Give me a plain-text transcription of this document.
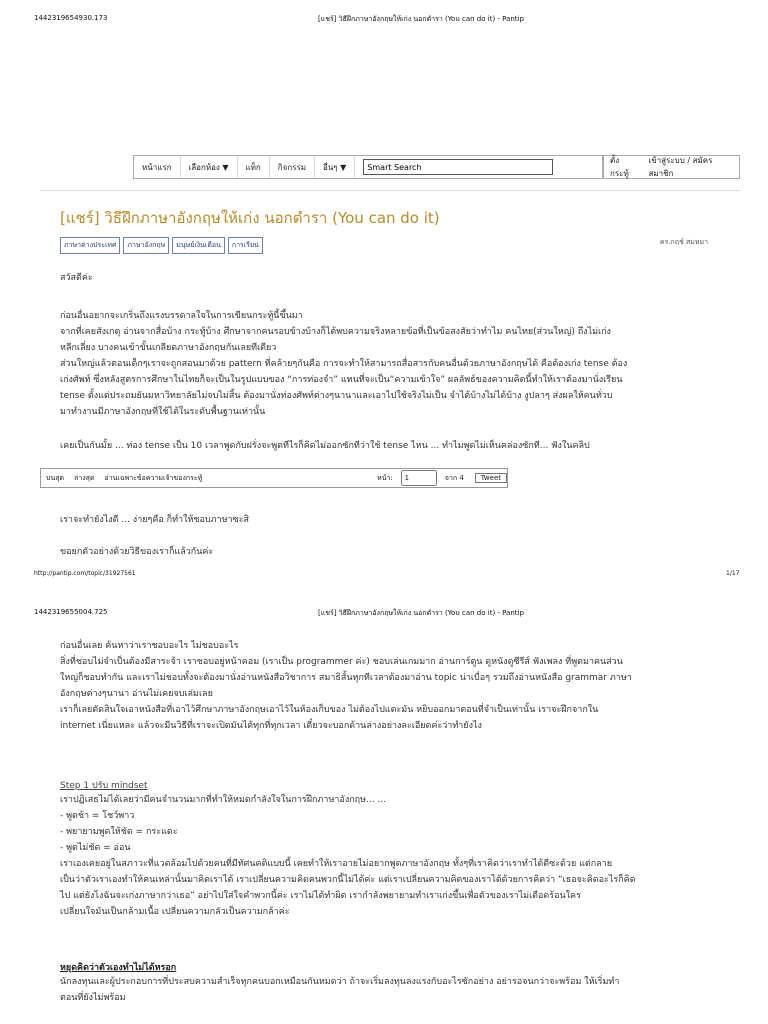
1442319654930.173	[แชร์] วิธีฝึกภาษาอังกฤษให้เก่ง นอกตำรา (You can do it) - Pantip
หน้าแรก	เลือกห้อง ▼	แท็ก	กิจกรรม	อื่นๆ ▼
Smart Search
ตั้งกระทู้
เข้าสู่ระบบ / สมัครสมาชิก
[แชร์] วิธีฝึกภาษาอังกฤษให้เก่ง นอกตำรา (You can do it)
ภาษาต่างประเทศ	ภาษาอังกฤษ	มนุษย์เงินเดือน	การเรียน	คร.กฤช์ สมหมา
สวัสดีค่ะ
ก่อนอื่นอยากจะเกริ่นถึงแรงบรรดาลใจในการเขียนกระทู้นี้ขึ้นมา
จากที่เคยสังเกตุ อ่านจากสื่อบ้าง กระทู้บ้าง ศึกษาจากคนรอบข้างบ้างก็ได้พบความจริงหลายข้อที่เป็นข้อสงสัยว่าทำไม คนไทย(ส่วนใหญ่) ถึงไม่เก่ง
หลีกเลี่ยง บางคนเข้าขั้นเกลียดภาษาอังกฤษกันเลยทีเดียว
ส่วนใหญ่แล้วตอนเด็กๆเราจะถูกสอนมาด้วย pattern ที่คล้ายๆกันคือ การจะทำให้สามารถสื่อสารกับคนอื่นด้วยภาษาอังกฤษได้ คือต้องเก่ง tense ต้อง
เก่งศัพท์ ซึ่งหลังสูตรการศึกษาในไทยก็จะเป็นในรูปแบบของ “การท่องจำ” แทนที่จะเป็น“ความเข้าใจ” ผลลัพธ์ของความคิดนี้ทำให้เราต้องมานั่งเรียน
tense ตั้งแต่ประถมยันมหาวิทยาลัยไม่จบไม่สิ้น ต้องมานั่งท่องศัพท์ต่างๆนานาและเอาไปใช้จริงไม่เป็น จำได้บ้างไม่ได้บ้าง งูปลาๆ ส่งผลให้คนทั่วบ
มาทำงานมีภาษาอังกฤษที่ใช้ได้ในระดับพื้นฐานเท่านั้น
เคยเป็นกันมั้ย ... ท่อง tense เป็น 10 เวลาพูดกับฝรั่งจะพูดทีไรก็คิดไม่ออกซักทีว่าใช้ tense ไหน ... ทำไมพูดไม่เห็นคล่องซักที... ฟังในคลิป
บนสุด	ล่างสุด	อ่านเฉพาะข้อความเจ้าของกระทู้	หน้า:
1	จาก 4	Tweet
เราจะทำยังไงดี ... ง่ายๆคือ ก็ทำให้ชอบภาษาซะสิ
ขอยกตัวอย่างด้วยวิธีของเราก็แล้วกันค่ะ
http://pantip.com/topic/31927561	1/17
1442319655004.725	[แชร์] วิธีฝึกภาษาอังกฤษให้เก่ง นอกตำรา (You can do it) - Pantip
ก่อนอื่นเลย ค้นหาว่าเราชอบอะไร ไม่ชอบอะไร
สิ่งที่ชอบไม่จำเป็นต้องมีสาระจ้า เราชอบอยู่หน้าคอม (เราเป็น programmer ค่ะ) ชอบเล่นเกมมาก อ่านการ์ตูน ดูหนังดูซีรีส์ ฟังเพลง ที่พูดมาคนส่วน
ใหญ่ก็ชอบทำกัน และเราไม่ชอบทั้งจะต้องมานั่งอ่านหนังสือวิชาการ สมาธิสั้นทุกทีเวลาต้องมาอ่าน topic น่าเบื่อๆ รวมถึงอ่านหนังสือ grammar ภาษา
อังกฤษต่างๆนานา อ่านไม่เคยจบเล่มเลย
เราก็เลยตัดสินใจเอาหนังสือที่เอาไว้ศึกษาภาษาอังกฤษเอาไว้ในห้องเก็บของ ไม่ต้องไปแตะมัน หยิบออกมาตอนที่จำเป็นเท่านั้น เราจะฝึกจากใน
internet เนี่ยแหละ แล้วจะมีนวิธีที่เราจะเปิดมันได้ทุกที่ทุกเวลา เดี๋ยวจะบอกด้านล่างอย่างละเอียดค่ะว่าทำยังไง
Step 1 ปรับ mindset
เราปฏิเสธไม่ได้เลยว่ามีคนจำนวนมากที่ทำให้หมดกำลังใจในการฝึกภาษาอังกฤษ... ...
- พูดช้า = โชว์พาว
- พยายามพูดให้ชัด = กระแดะ
- พูดไม่ชัด = อ่อน
เราเองเคยอยู่ในสภาวะที่แวดล้อมไปด้วยคนที่มีทัศนคติแบบนี้ เคยทำให้เราอายไม่อยากพูดภาษาอังกฤษ ทั้งๆที่เราคิดว่าเราทำได้ดีซะด้วย แต่กลาย
เป็นว่าตัวเราเองทำให้คนเหล่านั้นมาคิดเราได้ เราเปลี่ยนความคิดคนพวกนี้ไม่ได้ค่ะ แต่เราเปลี่ยนความคิดของเราได้ด้วยการคิดว่า “เธอจะคิดอะไรก็คิด
ไป แต่ยังไงฉันจะเก่งภาษากว่าเธอ” อย่าไปใส่ใจคำพวกนี้ค่ะ เราไม่ได้ทำผิด เรากำลังพยายามทำเราเก่งขึ้นเพื่อตัวของเราไม่เดือดร้อนใคร
เปลี่ยนใจมันเป็นกล้ามเนื้อ เปลี่ยนความกลัวเป็นความกล้าค่ะ
หยุดคิดว่าตัวเองทำไม่ได้หรอก
นักลงทุนและผู้ประกอบการที่ประสบความสำเร็จทุกคนบอกเหมือนกันหมดว่า ถ้าจะเริ่มลงทุนลงแรงกับอะไรซักอย่าง อย่ารอจนกว่าจะพร้อม ให้เริ่มทำ
ตอนที่ยังไม่พร้อม
